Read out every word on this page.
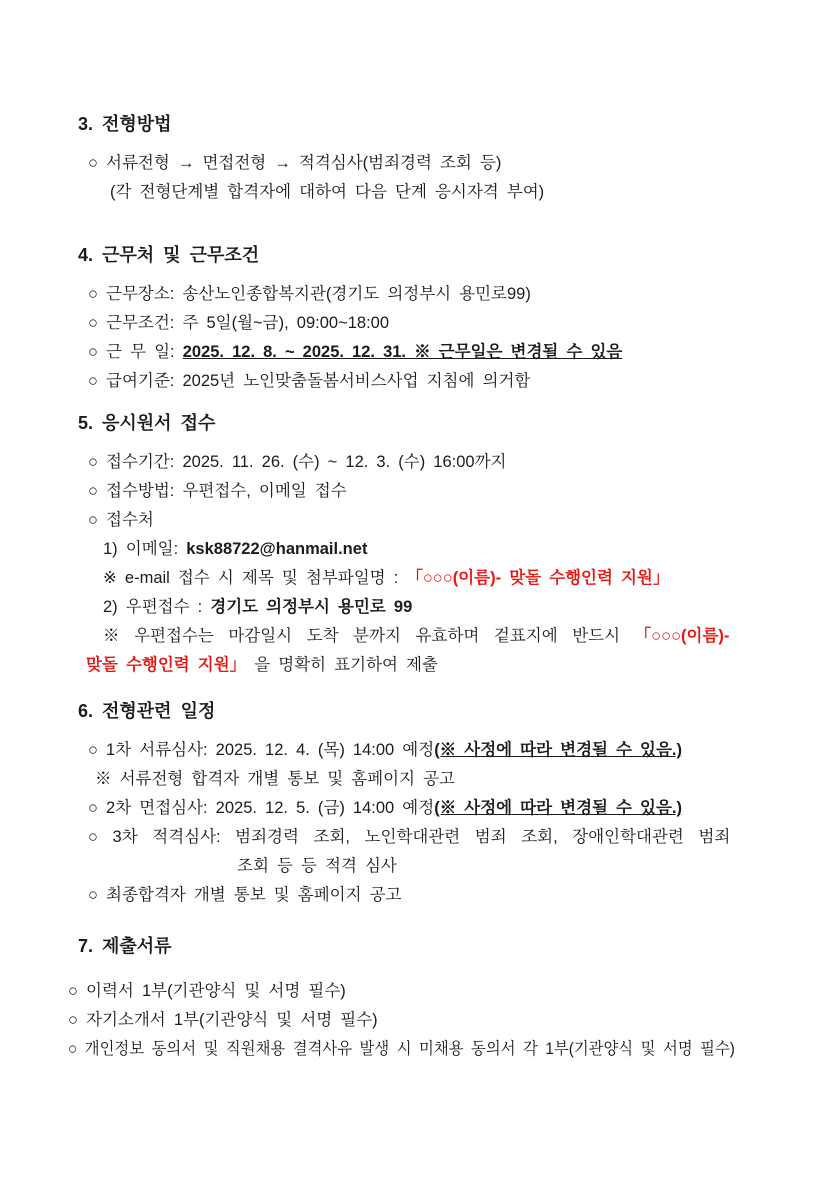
3. 전형방법
○ 서류전형 → 면접전형 → 적격심사(범죄경력 조회 등)
(각 전형단계별 합격자에 대하여 다음 단계 응시자격 부여)
4. 근무처 및 근무조건
○ 근무장소: 송산노인종합복지관(경기도 의정부시 용민로99)
○ 근무조건: 주 5일(월~금), 09:00~18:00
○ 근 무 일: 2025. 12. 8. ~ 2025. 12. 31. ※ 근무일은 변경될 수 있음
○ 급여기준: 2025년 노인맞춤돌봄서비스사업 지침에 의거함
5. 응시원서 접수
○ 접수기간: 2025. 11. 26. (수) ~ 12. 3. (수) 16:00까지
○ 접수방법: 우편접수, 이메일 접수
○ 접수처
1) 이메일: ksk88722@hanmail.net
※ e-mail 접수 시 제목 및 첨부파일명 : 「○○○(이름)- 맞돌 수행인력 지원」
2) 우편접수 : 경기도 의정부시 용민로 99
※ 우편접수는 마감일시 도착 분까지 유효하며 겉표지에 반드시 「○○○(이름)-
맞돌 수행인력 지원」 을 명확히 표기하여 제출
6. 전형관련 일정
○ 1차 서류심사: 2025. 12. 4. (목) 14:00 예정(※ 사정에 따라 변경될 수 있음.)
※ 서류전형 합격자 개별 통보 및 홈페이지 공고
○ 2차 면접심사: 2025. 12. 5. (금) 14:00 예정(※ 사정에 따라 변경될 수 있음.)
○ 3차 적격심사: 범죄경력 조회, 노인학대관련 범죄 조회, 장애인학대관련 범죄
조회 등 등 적격 심사
○ 최종합격자 개별 통보 및 홈페이지 공고
7. 제출서류
○ 이력서 1부(기관양식 및 서명 필수)
○ 자기소개서 1부(기관양식 및 서명 필수)
○ 개인정보 동의서 및 직원채용 결격사유 발생 시 미채용 동의서 각 1부(기관양식 및 서명 필수)
